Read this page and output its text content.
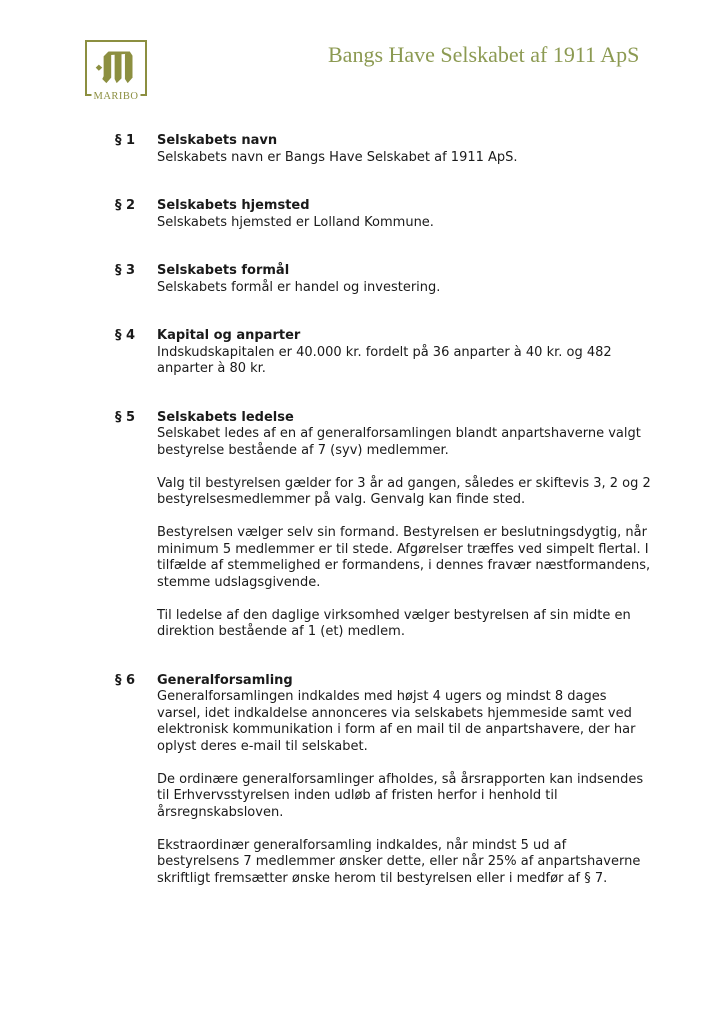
MARIBO
Bangs Have Selskabet af 1911 ApS
§ 1	Selskabets navn

Selskabets navn er Bangs Have Selskabet af 1911 ApS.

§ 2	Selskabets hjemsted

Selskabets hjemsted er Lolland Kommune.

§ 3	Selskabets formål

Selskabets formål er handel og investering.

§ 4	Kapital og anparter

Indskudskapitalen er 40.000 kr. fordelt på 36 anparter à 40 kr. og 482 anparter à 80 kr.

§ 5	Selskabets ledelse

Selskabet ledes af en af generalforsamlingen blandt anpartshaverne valgt bestyrelse bestående af 7 (syv) medlemmer.

Valg til bestyrelsen gælder for 3 år ad gangen, således er skiftevis 3, 2 og 2 bestyrelsesmedlemmer på valg. Genvalg kan finde sted.

Bestyrelsen vælger selv sin formand. Bestyrelsen er beslutningsdygtig, når minimum 5 medlemmer er til stede. Afgørelser træffes ved simpelt flertal. I tilfælde af stemmelighed er formandens, i dennes fravær næstformandens, stemme udslagsgivende.

Til ledelse af den daglige virksomhed vælger bestyrelsen af sin midte en direktion bestående af 1 (et) medlem.

§ 6	Generalforsamling

Generalforsamlingen indkaldes med højst 4 ugers og mindst 8 dages varsel, idet indkaldelse annonceres via selskabets hjemmeside samt ved elektronisk kommunikation i form af en mail til de anpartshavere, der har oplyst deres e-mail til selskabet.

De ordinære generalforsamlinger afholdes, så årsrapporten kan indsendes til Erhvervsstyrelsen inden udløb af fristen herfor i henhold til årsregnskabsloven.

Ekstraordinær generalforsamling indkaldes, når mindst 5 ud af bestyrelsens 7 medlemmer ønsker dette, eller når 25% af anpartshaverne skriftligt fremsætter ønske herom til bestyrelsen eller i medfør af § 7.
